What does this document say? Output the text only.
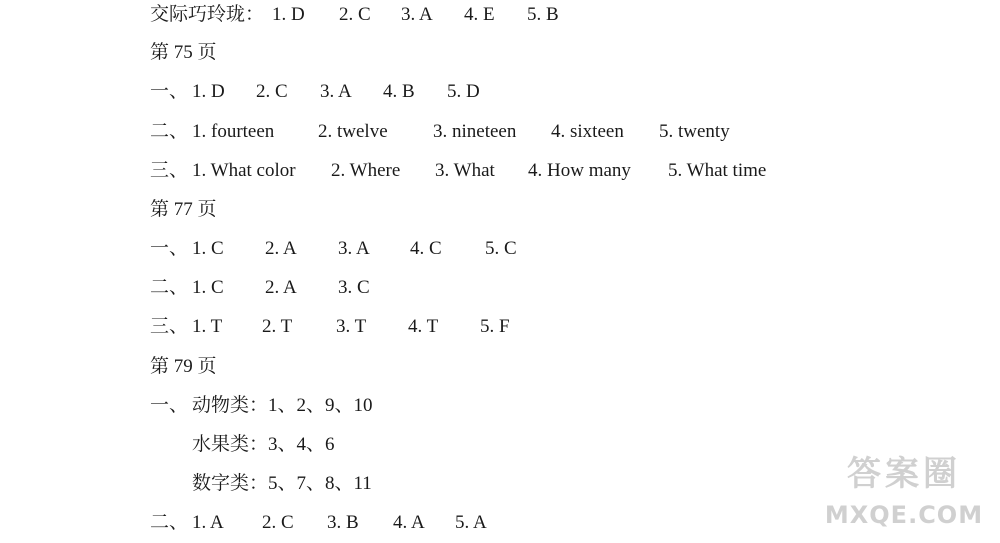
交际巧玲珑： 1. D 2. C 3. A 4. E 5. B
第 75 页
一、 1. D 2. C 3. A 4. B 5. D
二、 1. fourteen 2. twelve 3. nineteen 4. sixteen 5. twenty
三、 1. What color 2. Where 3. What 4. How many 5. What time
第 77 页
一、 1. C 2. A 3. A 4. C 5. C
二、 1. C 2. A 3. C
三、 1. T 2. T 3. T 4. T 5. F
第 79 页
一、 动物类：1、2、9、10
水果类：3、4、6
数字类：5、7、8、11
二、 1. A 2. C 3. B 4. A 5. A
答案圈
MXQE.COM
